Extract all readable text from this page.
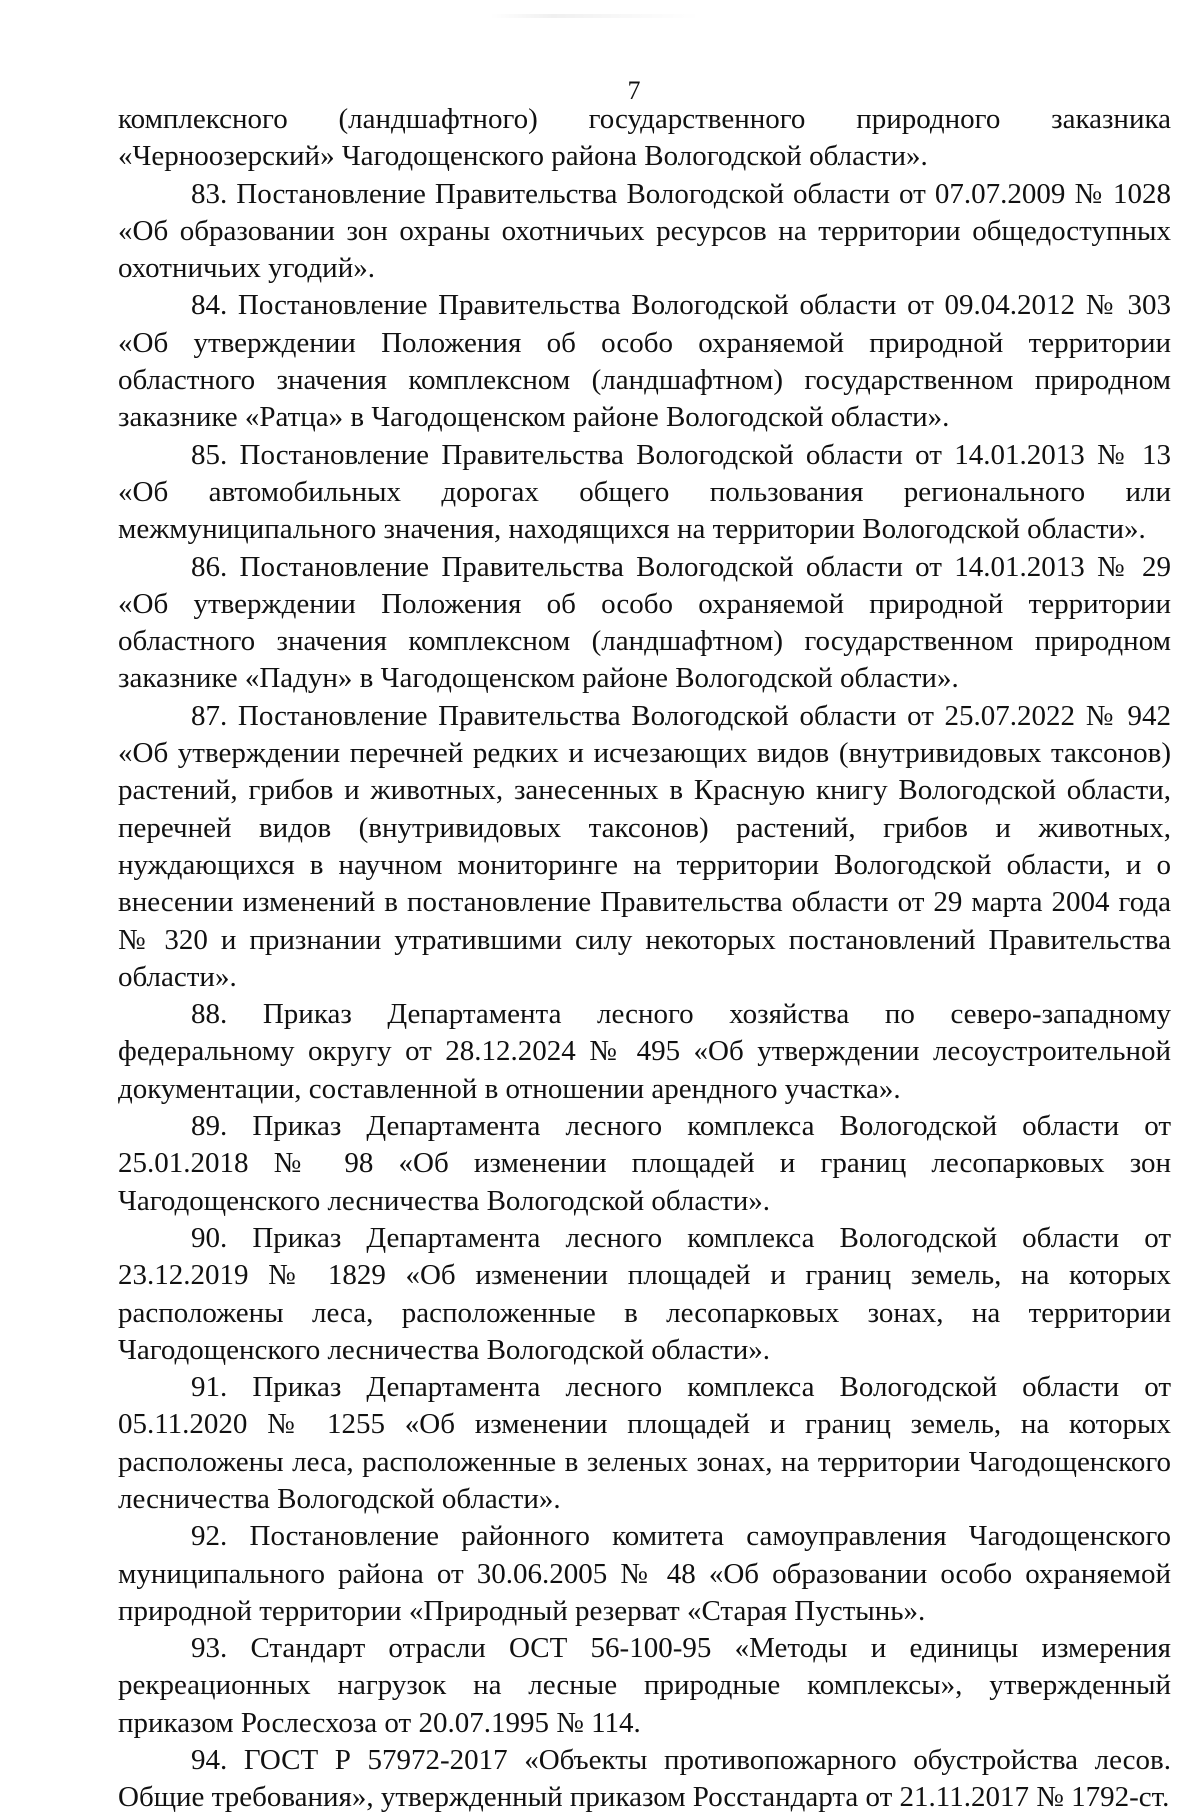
7

комплексного (ландшафтного) государственного природного заказника «Черноозерский» Чагодощенского района Вологодской области».

83. Постановление Правительства Вологодской области от 07.07.2009 № 1028 «Об образовании зон охраны охотничьих ресурсов на территории общедоступных охотничьих угодий».

84. Постановление Правительства Вологодской области от 09.04.2012 № 303 «Об утверждении Положения об особо охраняемой природной территории областного значения комплексном (ландшафтном) государственном природном заказнике «Ратца» в Чагодощенском районе Вологодской области».

85. Постановление Правительства Вологодской области от 14.01.2013 № 13 «Об автомобильных дорогах общего пользования регионального или межмуниципального значения, находящихся на территории Вологодской области».

86. Постановление Правительства Вологодской области от 14.01.2013 № 29 «Об утверждении Положения об особо охраняемой природной территории областного значения комплексном (ландшафтном) государственном природном заказнике «Падун» в Чагодощенском районе Вологодской области».

87. Постановление Правительства Вологодской области от 25.07.2022 № 942 «Об утверждении перечней редких и исчезающих видов (внутривидовых таксонов) растений, грибов и животных, занесенных в Красную книгу Вологодской области, перечней видов (внутривидовых таксонов) растений, грибов и животных, нуждающихся в научном мониторинге на территории Вологодской области, и о внесении изменений в постановление Правительства области от 29 марта 2004 года № 320 и признании утратившими силу некоторых постановлений Правительства области».

88. Приказ Департамента лесного хозяйства по северо-западному федеральному округу от 28.12.2024 № 495 «Об утверждении лесоустроительной документации, составленной в отношении арендного участка».

89. Приказ Департамента лесного комплекса Вологодской области от 25.01.2018 № 98 «Об изменении площадей и границ лесопарковых зон Чагодощенского лесничества Вологодской области».

90. Приказ Департамента лесного комплекса Вологодской области от 23.12.2019 № 1829 «Об изменении площадей и границ земель, на которых расположены леса, расположенные в лесопарковых зонах, на территории Чагодощенского лесничества Вологодской области».

91. Приказ Департамента лесного комплекса Вологодской области от 05.11.2020 № 1255 «Об изменении площадей и границ земель, на которых расположены леса, расположенные в зеленых зонах, на территории Чагодощенского лесничества Вологодской области».

92. Постановление районного комитета самоуправления Чагодощенского муниципального района от 30.06.2005 № 48 «Об образовании особо охраняемой природной территории «Природный резерват «Старая Пустынь».

93. Стандарт отрасли ОСТ 56-100-95 «Методы и единицы измерения рекреационных нагрузок на лесные природные комплексы», утвержденный приказом Рослесхоза от 20.07.1995 № 114.

94. ГОСТ Р 57972-2017 «Объекты противопожарного обустройства лесов. Общие требования», утвержденный приказом Росстандарта от 21.11.2017 № 1792-ст.
